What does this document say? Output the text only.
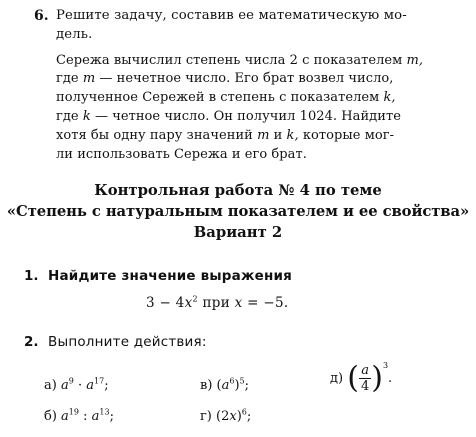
6. Решите задачу, составив ее математическую мо-
дель.
Сережа вычислил степень числа 2 с показателем m,
где m — нечетное число. Его брат возвел число,
полученное Сережей в степень с показателем k,
где k — четное число. Он получил 1024. Найдите
хотя бы одну пару значений m и k, которые мог-
ли использовать Сережа и его брат.
Контрольная работа № 4 по теме
«Степень с натуральным показателем и ее свойства»
Вариант 2
1. Найдите значение выражения
$3 - 4x^2$ при x = −5.
2. Выполните действия:
а) $a^9 \cdot a^{17}$;
б) $a^{19}$ : $a^{13}$;
в) $(a^6)^5$;
г) $(2x)^6$;
д) ( $\frac{a}{4} )^3$.
